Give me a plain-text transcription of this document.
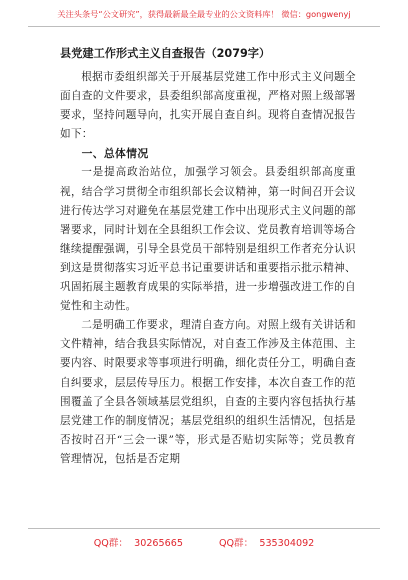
关注头条号“公文研究”，获得最新最全最专业的公文资料库！ 微信：gongwenyj
县党建工作形式主义自查报告（2079字）

根据市委组织部关于开展基层党建工作中形式主义问题全面自查的文件要求，县委组织部高度重视，严格对照上级部署要求，坚持问题导向，扎实开展自查自纠。现将自查情况报告如下：

一、总体情况

一是提高政治站位，加强学习领会。县委组织部高度重视，结合学习贯彻全市组织部长会议精神，第一时间召开会议进行传达学习对避免在基层党建工作中出现形式主义问题的部署要求，同时计划在全县组织工作会议、党员教育培训等场合继续提醒强调，引导全县党员干部特别是组织工作者充分认识到这是贯彻落实习近平总书记重要讲话和重要指示批示精神、巩固拓展主题教育成果的实际举措，进一步增强改进工作的自觉性和主动性。

二是明确工作要求，理清自查方向。对照上级有关讲话和文件精神，结合我县实际情况，对自查工作涉及主体范围、主要内容、时限要求等事项进行明确，细化责任分工，明确自查自纠要求，层层传导压力。根据工作安排，本次自查工作的范围覆盖了全县各领域基层党组织，自查的主要内容包括执行基层党建工作的制度情况；基层党组织的组织生活情况，包括是否按时召开“三会一课”等，形式是否贴切实际等；党员教育管理情况，包括是否定期

QQ群：  30265665	QQ群：  535304092
